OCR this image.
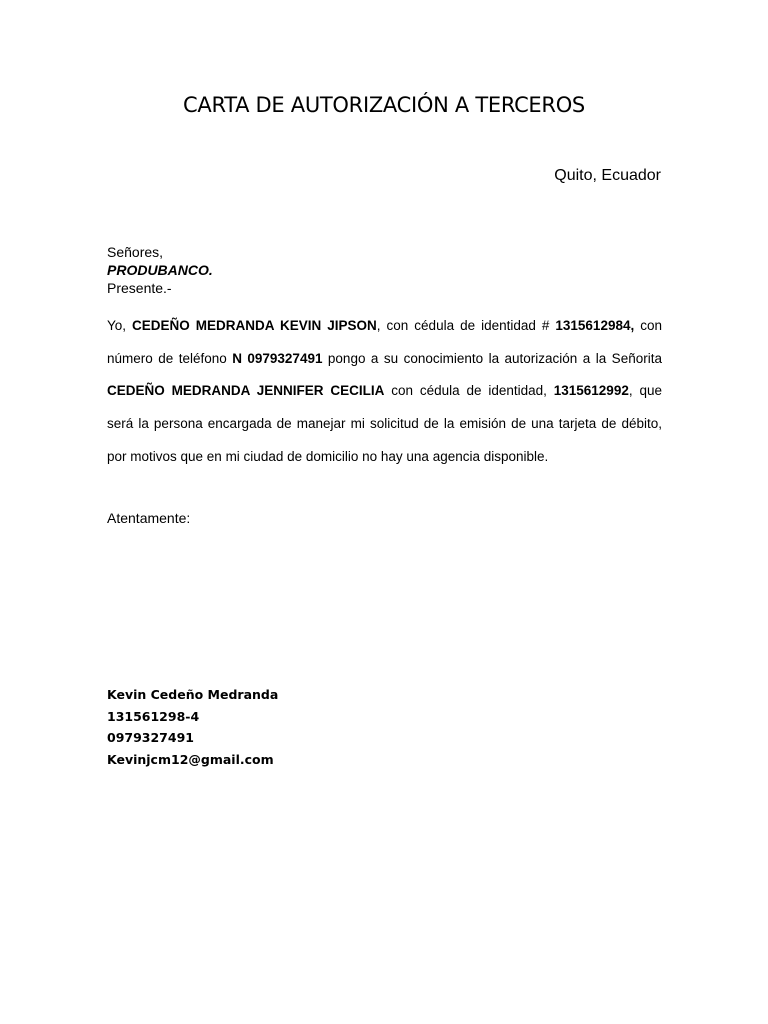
CARTA DE AUTORIZACIÓN A TERCEROS

Quito, Ecuador

Señores,
PRODUBANCO.
Presente.-

Yo, CEDEÑO MEDRANDA KEVIN JIPSON, con cédula de identidad # 1315612984, con número de teléfono N 0979327491 pongo a su conocimiento la autorización a la Señorita CEDEÑO MEDRANDA JENNIFER CECILIA con cédula de identidad, 1315612992, que será la persona encargada de manejar mi solicitud de la emisión de una tarjeta de débito, por motivos que en mi ciudad de domicilio no hay una agencia disponible.

Atentamente:

Kevin Cedeño Medranda
131561298-4
0979327491
Kevinjcm12@gmail.com
